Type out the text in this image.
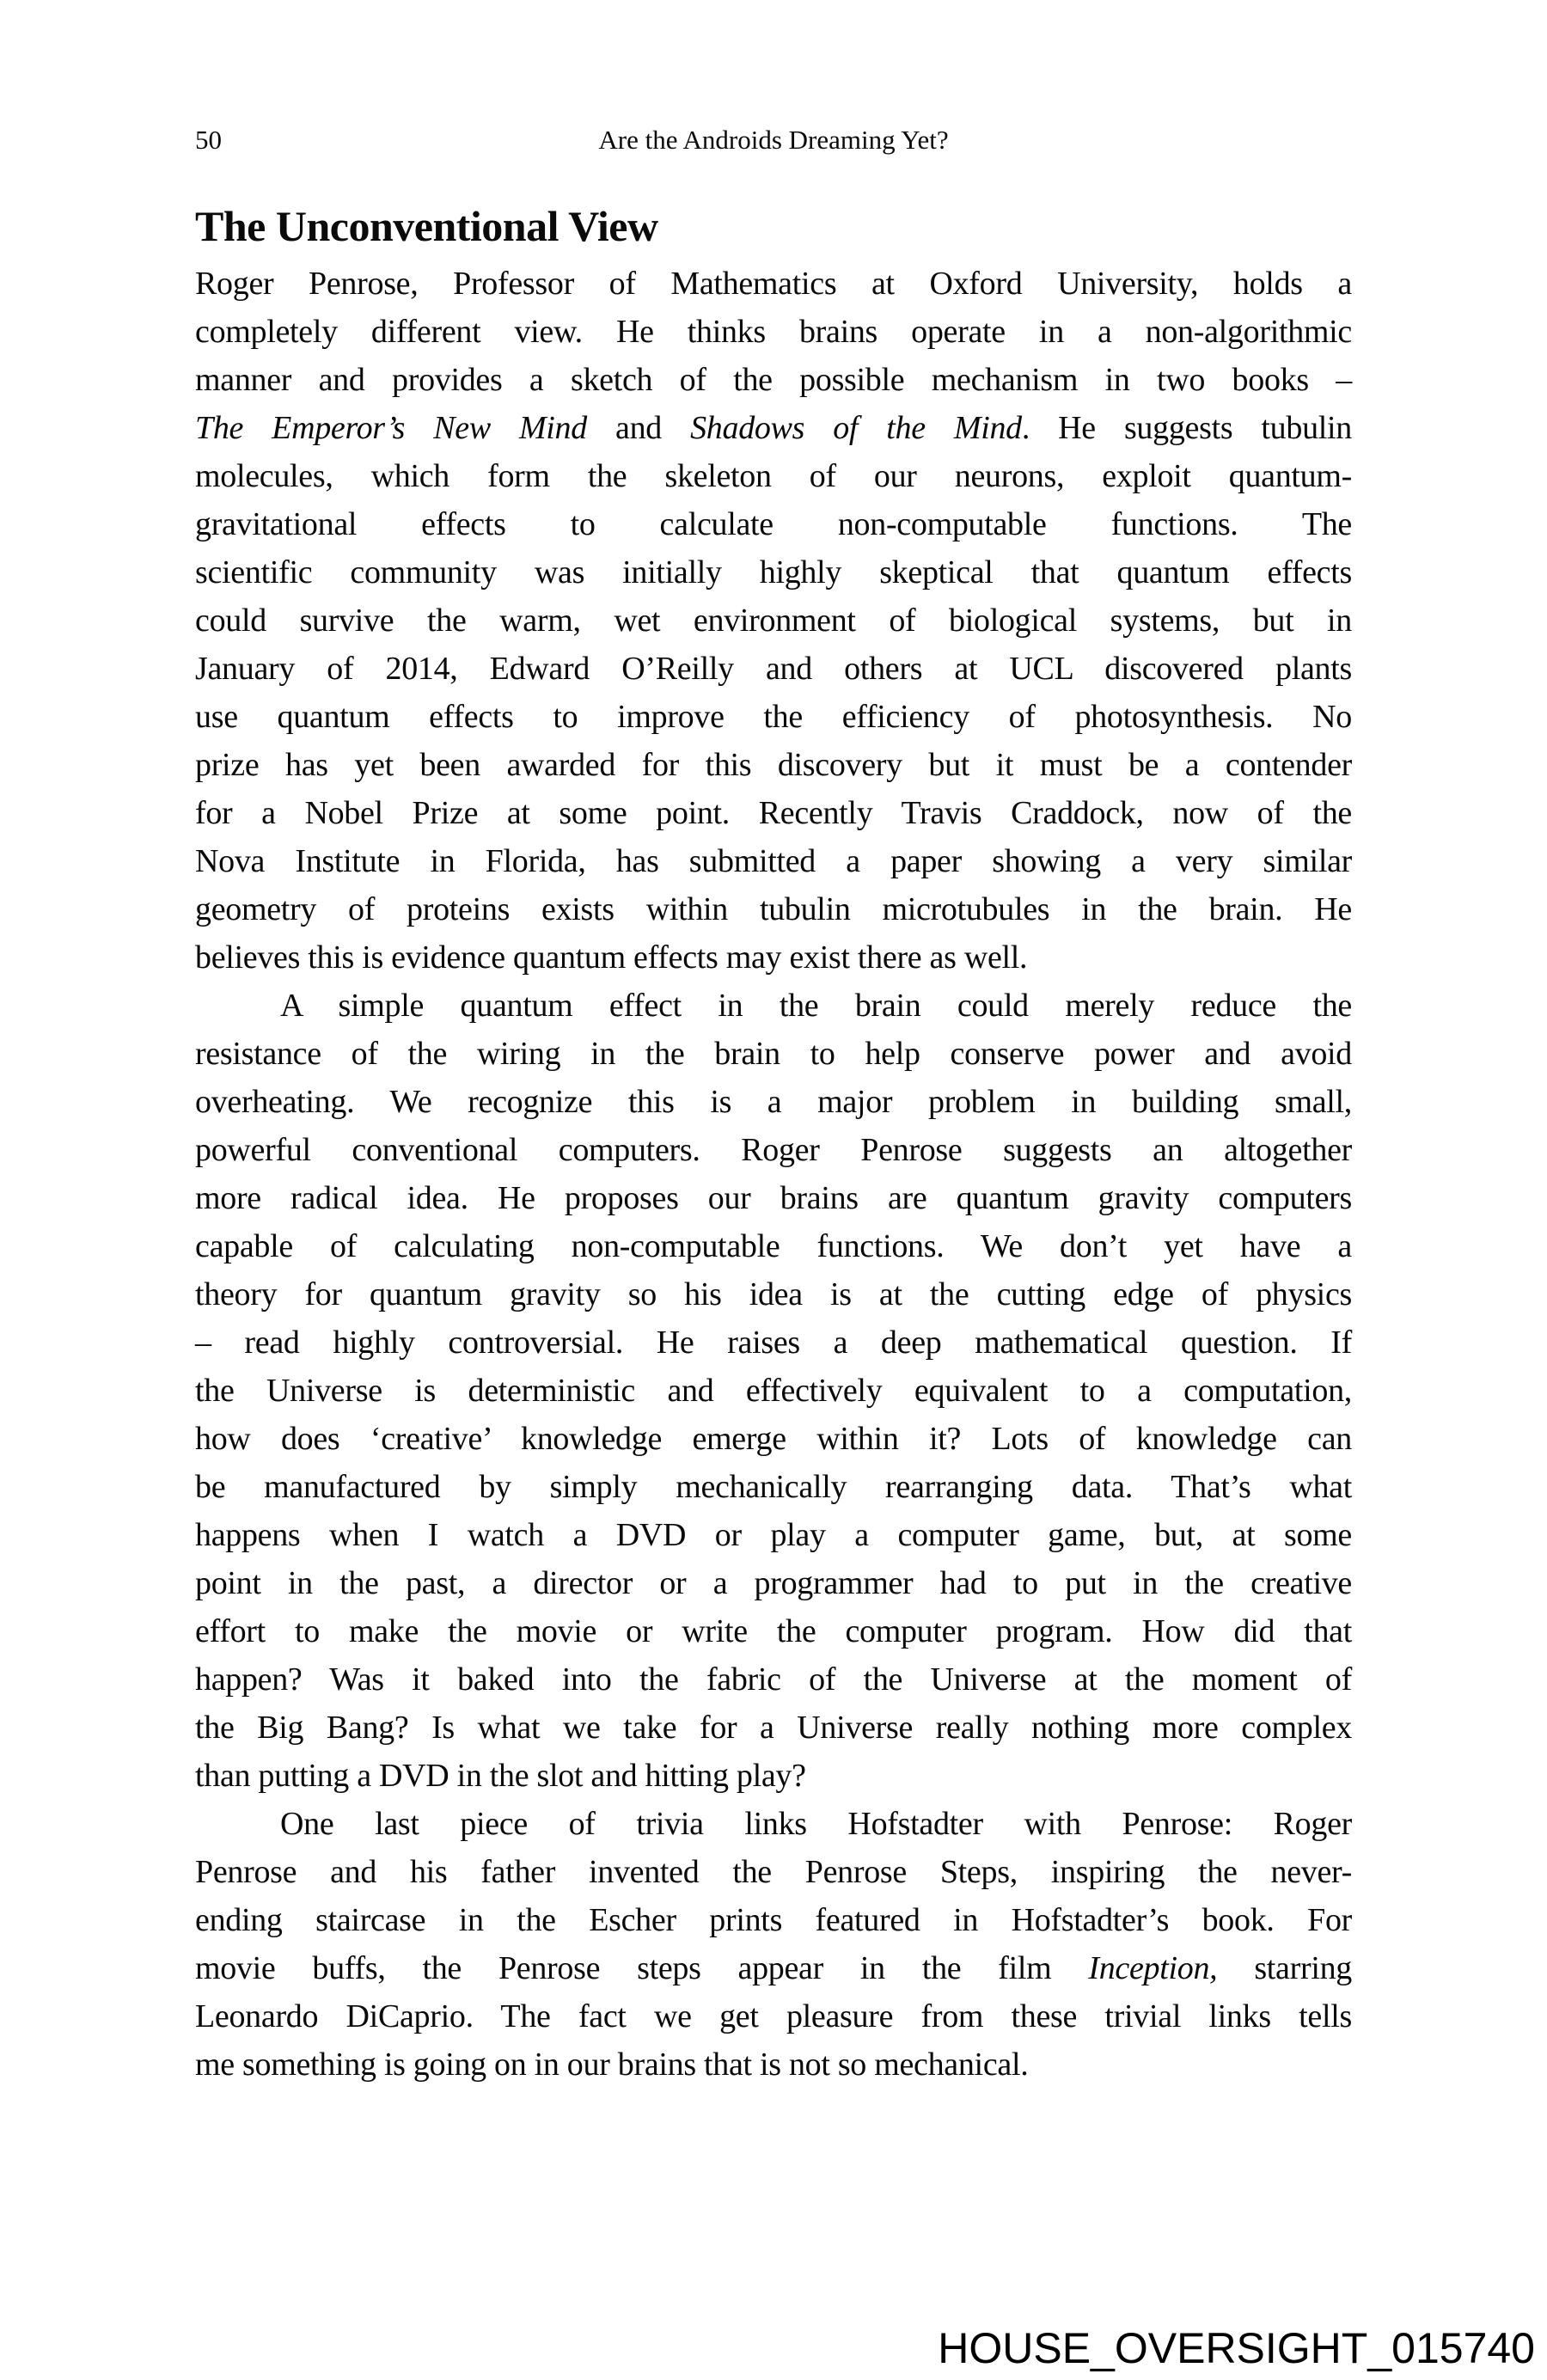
50	Are the Androids Dreaming Yet?
The Unconventional View
Roger Penrose, Professor of Mathematics at Oxford University, holds a
completely different view. He thinks brains operate in a non-algorithmic
manner and provides a sketch of the possible mechanism in two books –
The Emperor’s New Mind and Shadows of the Mind. He suggests tubulin
molecules, which form the skeleton of our neurons, exploit quantum-
gravitational effects to calculate non-computable functions. The
scientific community was initially highly skeptical that quantum effects
could survive the warm, wet environment of biological systems, but in
January of 2014, Edward O’Reilly and others at UCL discovered plants
use quantum effects to improve the efficiency of photosynthesis. No
prize has yet been awarded for this discovery but it must be a contender
for a Nobel Prize at some point. Recently Travis Craddock, now of the
Nova Institute in Florida, has submitted a paper showing a very similar
geometry of proteins exists within tubulin microtubules in the brain. He
believes this is evidence quantum effects may exist there as well.
A simple quantum effect in the brain could merely reduce the
resistance of the wiring in the brain to help conserve power and avoid
overheating. We recognize this is a major problem in building small,
powerful conventional computers. Roger Penrose suggests an altogether
more radical idea. He proposes our brains are quantum gravity computers
capable of calculating non-computable functions. We don’t yet have a
theory for quantum gravity so his idea is at the cutting edge of physics
– read highly controversial. He raises a deep mathematical question. If
the Universe is deterministic and effectively equivalent to a computation,
how does ‘creative’ knowledge emerge within it? Lots of knowledge can
be manufactured by simply mechanically rearranging data. That’s what
happens when I watch a DVD or play a computer game, but, at some
point in the past, a director or a programmer had to put in the creative
effort to make the movie or write the computer program. How did that
happen? Was it baked into the fabric of the Universe at the moment of
the Big Bang? Is what we take for a Universe really nothing more complex
than putting a DVD in the slot and hitting play?
One last piece of trivia links Hofstadter with Penrose: Roger
Penrose and his father invented the Penrose Steps, inspiring the never-
ending staircase in the Escher prints featured in Hofstadter’s book. For
movie buffs, the Penrose steps appear in the film Inception, starring
Leonardo DiCaprio. The fact we get pleasure from these trivial links tells
me something is going on in our brains that is not so mechanical.
HOUSE_OVERSIGHT_015740
